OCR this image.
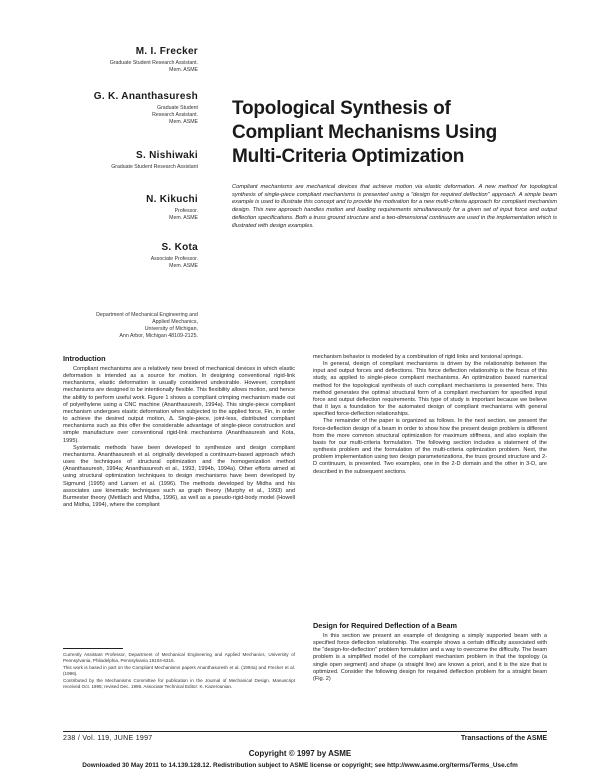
M. I. Frecker
Graduate Student Research Assistant.
Mem. ASME
G. K. Ananthasuresh
Graduate Student
Research Assistant.
Mem. ASME
S. Nishiwaki
Graduate Student Research Assistant
N. Kikuchi
Professor.
Mem. ASME
S. Kota
Associate Professor.
Mem. ASME
Department of Mechanical Engineering and
Applied Mechanics,
University of Michigan,
Ann Arbor, Michigan 48109-2125.
Topological Synthesis of
Compliant Mechanisms Using
Multi-Criteria Optimization
Compliant mechanisms are mechanical devices that achieve motion via elastic deformation. A new method for topological synthesis of single-piece compliant mechanisms is presented using a "design for required deflection" approach. A simple beam example is used to illustrate this concept and to provide the motivation for a new multi-criteria approach for compliant mechanism design. This new approach handles motion and loading requirements simultaneously for a given set of input force and output deflection specifications. Both a truss ground structure and a two-dimensional continuum are used in the implementation which is illustrated with design examples.
Introduction

Compliant mechanisms are a relatively new breed of mechanical devices in which elastic deformation is intended as a source for motion. In designing conventional rigid-link mechanisms, elastic deformation is usually considered undesirable. However, compliant mechanisms are designed to be intentionally flexible. This flexibility allows motion, and hence the ability to perform useful work. Figure 1 shows a compliant crimping mechanism made out of polyethylene using a CNC machine (Ananthasuresh, 1994a). This single-piece compliant mechanism undergoes elastic deformation when subjected to the applied force, Fin, in order to achieve the desired output motion, Δ. Single-piece, joint-less, distributed compliant mechanisms such as this offer the considerable advantage of single-piece construction and simple manufacture over conventional rigid-link mechanisms (Ananthasuresh and Kota, 1995).

Systematic methods have been developed to synthesize and design compliant mechanisms. Ananthasuresh et al. originally developed a continuum-based approach which uses the techniques of structural optimization and the homogenization method (Ananthasuresh, 1994a; Ananthasuresh et al., 1993, 1994b, 1994a). Other efforts aimed at using structural optimization techniques to design mechanisms have been developed by Sigmund (1995) and Larsen et al. (1996). The methods developed by Midha and his associates use kinematic techniques such as graph theory (Murphy et al., 1993) and Burmester theory (Mettlach and Midha, 1996), as well as a pseudo-rigid-body model (Howell and Midha, 1994), where the compliant

mechanism behavior is modeled by a combination of rigid links and torsional springs.

In general, design of compliant mechanisms is driven by the relationship between the input and output forces and deflections. This force deflection relationship is the focus of this study, as applied to single-piece compliant mechanisms. An optimization based numerical method for the topological synthesis of such compliant mechanisms is presented here. This method generates the optimal structural form of a compliant mechanism for specified input force and output deflection requirements. This type of study is important because we believe that it lays a foundation for the automated design of compliant mechanisms with general specified force-deflection relationships.

The remainder of the paper is organized as follows. In the next section, we present the force-deflection design of a beam in order to show how the present design problem is different from the more common structural optimization for maximum stiffness, and also explain the basis for our multi-criteria formulation. The following section includes a statement of the synthesis problem and the formulation of the multi-criteria optimization problem. Next, the problem implementation using two design parameterizations, the truss ground structure and 2-D continuum, is presented. Two examples, one in the 2-D domain and the other in 3-D, are described in the subsequent sections.

Design for Required Deflection of a Beam

In this section we present an example of designing a simply supported beam with a specified force deflection relationship. The example shows a certain difficulty associated with the "design-for-deflection" problem formulation and a way to overcome the difficulty. The beam problem is a simplified model of the compliant mechanism problem in that the topology (a single open segment) and shape (a straight line) are known a priori, and it is the size that is optimized. Consider the following design for required deflection problem for a straight beam (Fig. 2)

Currently Assistant Professor, Department of Mechanical Engineering and Applied Mechanics, University of Pennsylvania, Philadelphia, Pennsylvania 19104-6315.

This work is based in part on the Compliant Mechanisms papers Ananthasuresh et al. (1994a) and Frecker et al. (1996).

Contributed by the Mechanisms Committee for publication in the Journal of Mechanical Design. Manuscript received Oct. 1995; revised Dec. 1996. Associate Technical Editor: K. Kazerounian.

238 / Vol. 119, JUNE 1997	Transactions of the ASME
Copyright © 1997 by ASME
Downloaded 30 May 2011 to 14.139.128.12. Redistribution subject to ASME license or copyright; see http://www.asme.org/terms/Terms_Use.cfm
